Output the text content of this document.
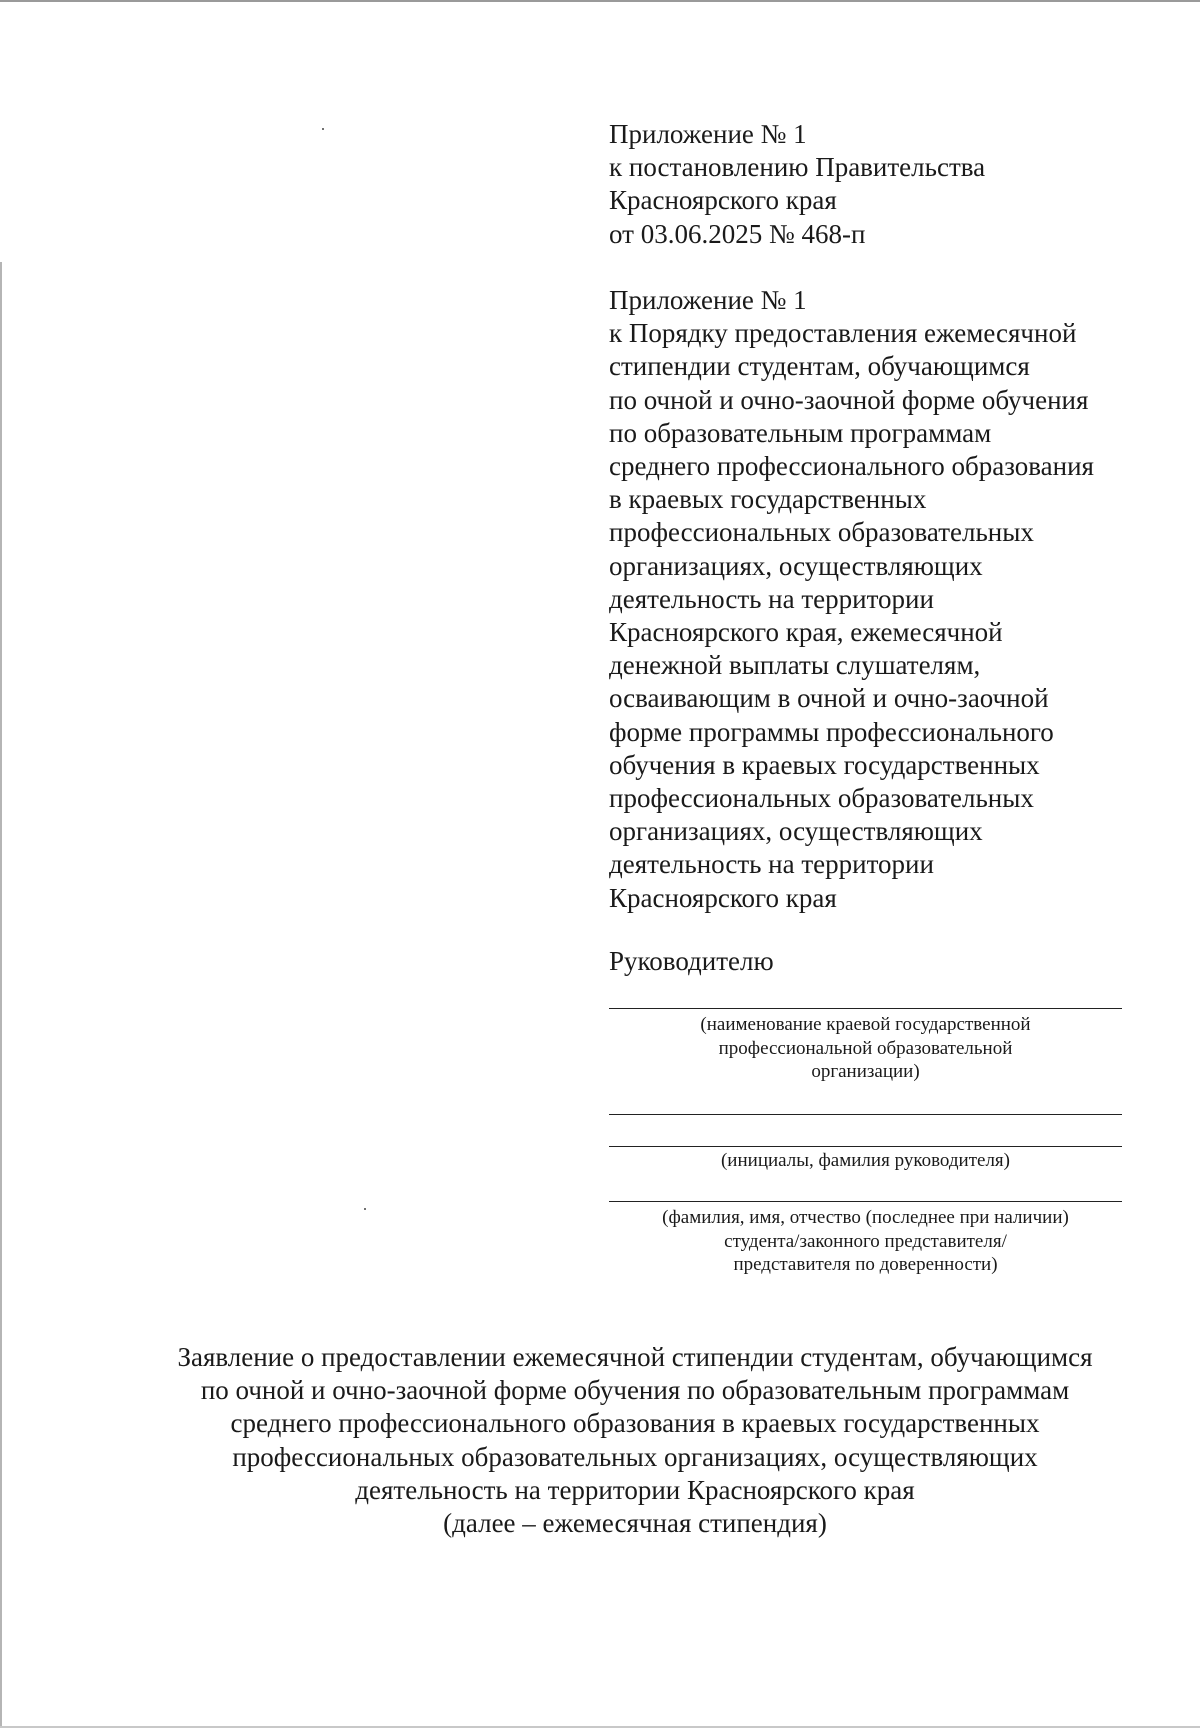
Приложение № 1
к постановлению Правительства
Красноярского края
от 03.06.2025 № 468-п
Приложение № 1
к Порядку предоставления ежемесячной
стипендии студентам, обучающимся
по очной и очно-заочной форме обучения
по образовательным программам
среднего профессионального образования
в краевых государственных
профессиональных образовательных
организациях, осуществляющих
деятельность на территории
Красноярского края, ежемесячной
денежной выплаты слушателям,
осваивающим в очной и очно-заочной
форме программы профессионального
обучения в краевых государственных
профессиональных образовательных
организациях, осуществляющих
деятельность на территории
Красноярского края
Руководителю
(наименование краевой государственной
профессиональной образовательной
организации)
(инициалы, фамилия руководителя)
(фамилия, имя, отчество (последнее при наличии)
студента/законного представителя/
представителя по доверенности)
Заявление о предоставлении ежемесячной стипендии студентам, обучающимся
по очной и очно-заочной форме обучения по образовательным программам
среднего профессионального образования в краевых государственных
профессиональных образовательных организациях, осуществляющих
деятельность на территории Красноярского края
(далее – ежемесячная стипендия)
